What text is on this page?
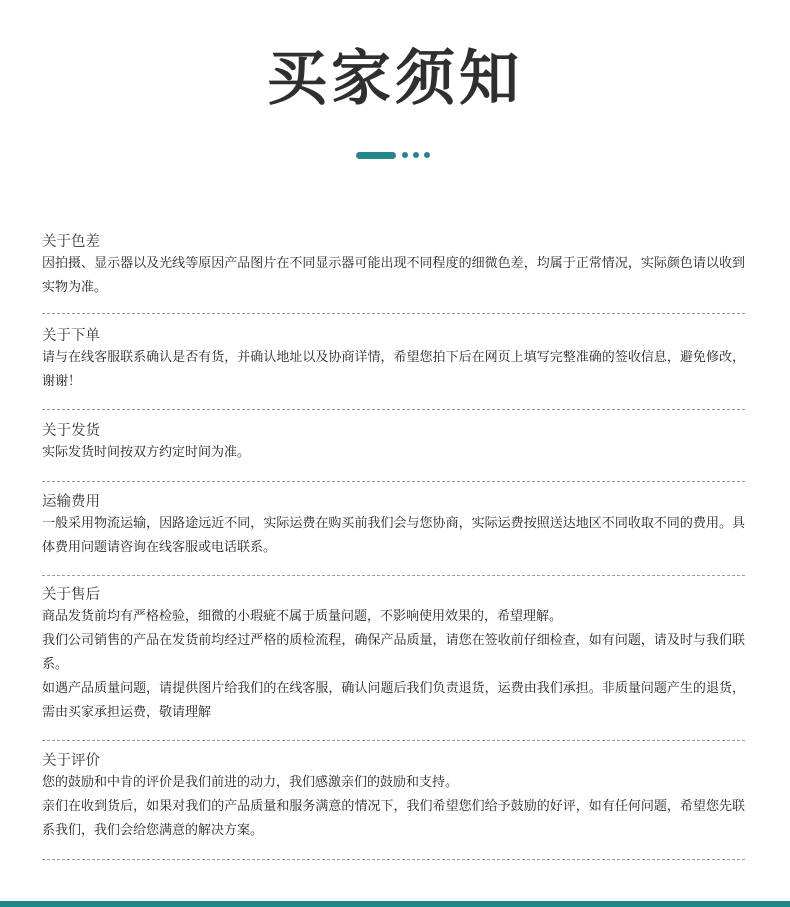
买家须知
关于色差
因拍摄、显示器以及光线等原因产品图片在不同显示器可能出现不同程度的细微色差，均属于正常情况，实际颜色请以收到实物为准。
关于下单
请与在线客服联系确认是否有货，并确认地址以及协商详情，希望您拍下后在网页上填写完整准确的签收信息，避免修改，谢谢！
关于发货
实际发货时间按双方约定时间为准。
运输费用
一般采用物流运输，因路途远近不同，实际运费在购买前我们会与您协商，实际运费按照送达地区不同收取不同的费用。具体费用问题请咨询在线客服或电话联系。
关于售后
商品发货前均有严格检验，细微的小瑕疵不属于质量问题，不影响使用效果的，希望理解。
我们公司销售的产品在发货前均经过严格的质检流程，确保产品质量，请您在签收前仔细检查，如有问题，请及时与我们联系。
如遇产品质量问题，请提供图片给我们的在线客服，确认问题后我们负责退货，运费由我们承担。非质量问题产生的退货，需由买家承担运费，敬请理解
关于评价
您的鼓励和中肯的评价是我们前进的动力，我们感激亲们的鼓励和支持。
亲们在收到货后，如果对我们的产品质量和服务满意的情况下，我们希望您们给予鼓励的好评，如有任何问题，希望您先联系我们，我们会给您满意的解决方案。
